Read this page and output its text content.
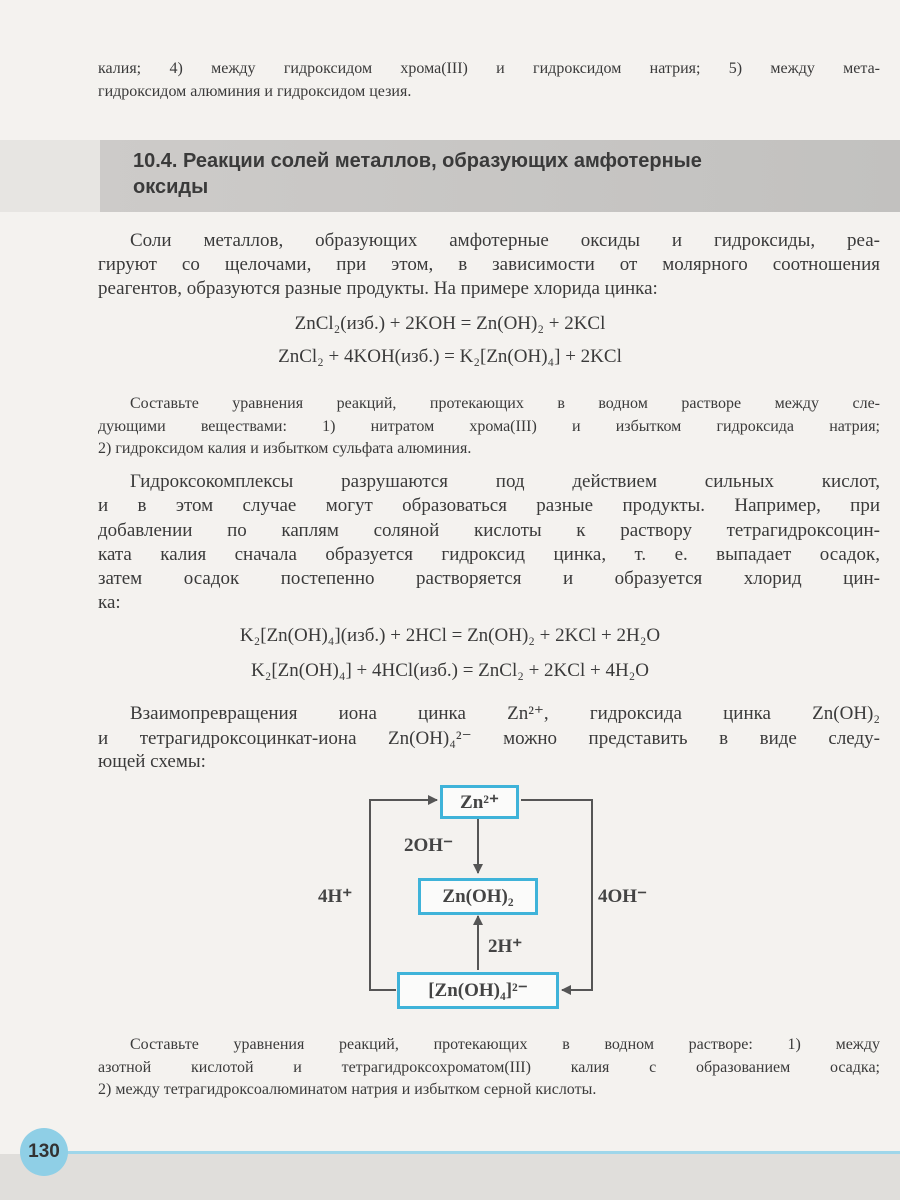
калия; 4) между гидроксидом хрома(III) и гидроксидом натрия; 5) между мета-
гидроксидом алюминия и гидроксидом цезия.
10.4. Реакции солей металлов, образующих амфотерные
оксиды
Соли металлов, образующих амфотерные оксиды и гидроксиды, реа-
гируют со щелочами, при этом, в зависимости от молярного соотношения
реагентов, образуются разные продукты. На примере хлорида цинка:
ZnCl₂(изб.) + 2KOH = Zn(OH)₂ + 2KCl
ZnCl₂ + 4KOH(изб.) = K₂[Zn(OH)₄] + 2KCl
Составьте уравнения реакций, протекающих в водном растворе между сле-
дующими веществами: 1) нитратом хрома(III) и избытком гидроксида натрия;
2) гидроксидом калия и избытком сульфата алюминия.
Гидроксокомплексы разрушаются под действием сильных кислот,
и в этом случае могут образоваться разные продукты. Например, при
добавлении по каплям соляной кислоты к раствору тетрагидроксоцин-
ката калия сначала образуется гидроксид цинка, т. е. выпадает осадок,
затем осадок постепенно растворяется и образуется хлорид цин-
ка:
K₂[Zn(OH)₄](изб.) + 2HCl = Zn(OH)₂ + 2KCl + 2H₂O
K₂[Zn(OH)₄] + 4HCl(изб.) = ZnCl₂ + 2KCl + 4H₂O
Взаимопревращения иона цинка Zn²⁺, гидроксида цинка Zn(OH)₂
и тетрагидроксоцинкат-иона Zn(OH)₄²⁻ можно представить в виде следу-
ющей схемы:
Zn²⁺
Zn(OH)₂
[Zn(OH)₄]²⁻
2OH⁻
2H⁺
4H⁺	4OH⁻
Составьте уравнения реакций, протекающих в водном растворе: 1) между
азотной кислотой и тетрагидроксохроматом(III) калия с образованием осадка;
2) между тетрагидроксоалюминатом натрия и избытком серной кислоты.
130
